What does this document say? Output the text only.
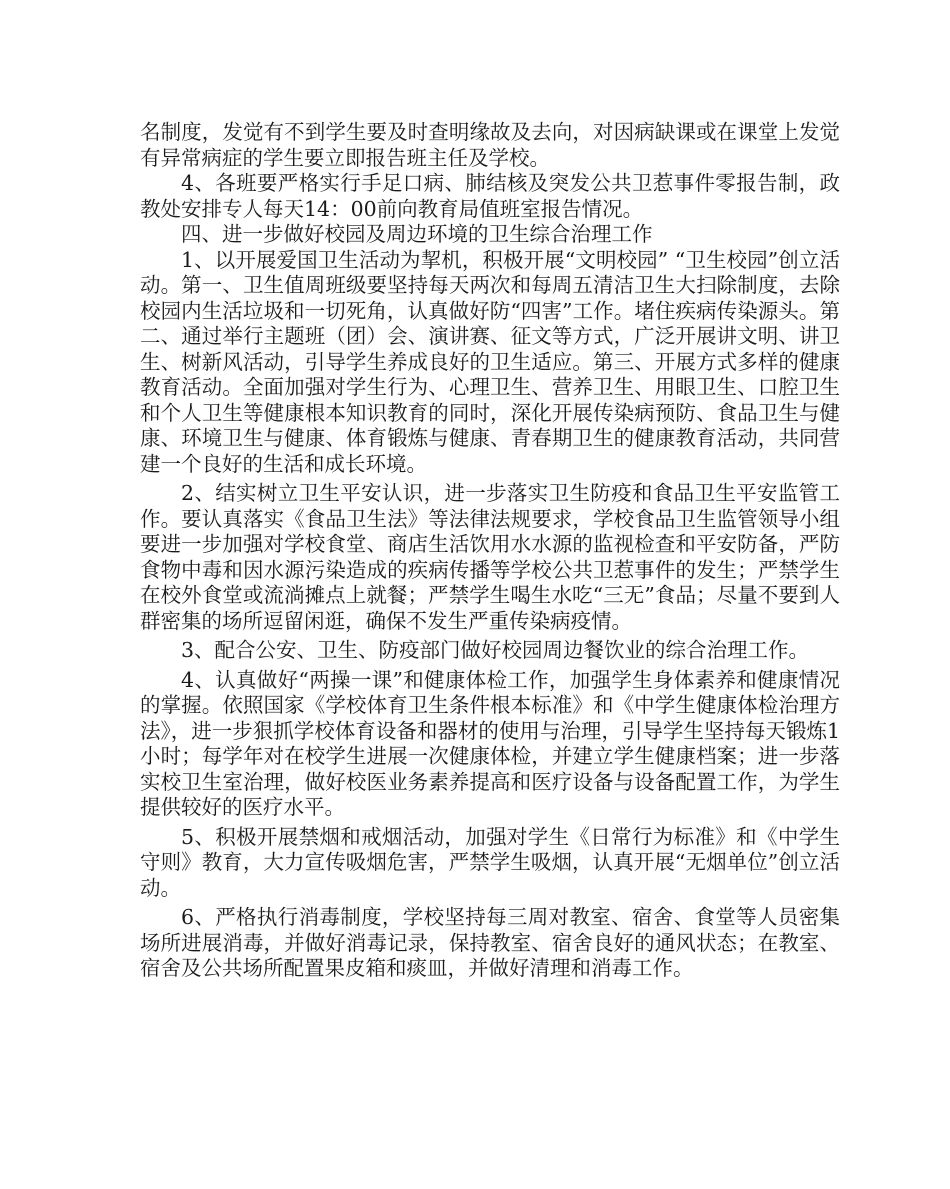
名制度，发觉有不到学生要及时查明缘故及去向，对因病缺课或在课堂上发觉有异常病症的学生要立即报告班主任及学校。

4、各班要严格实行手足口病、肺结核及突发公共卫惹事件零报告制，政教处安排专人每天14：00前向教育局值班室报告情况。

四、进一步做好校园及周边环境的卫生综合治理工作

1、以开展爱国卫生活动为挈机，积极开展“文明校园” “卫生校园”创立活动。第一、卫生值周班级要坚持每天两次和每周五清洁卫生大扫除制度，去除校园内生活垃圾和一切死角，认真做好防“四害”工作。堵住疾病传染源头。第二、通过举行主题班（团）会、演讲赛、征文等方式，广泛开展讲文明、讲卫生、树新风活动，引导学生养成良好的卫生适应。第三、开展方式多样的健康教育活动。全面加强对学生行为、心理卫生、营养卫生、用眼卫生、口腔卫生和个人卫生等健康根本知识教育的同时，深化开展传染病预防、食品卫生与健康、环境卫生与健康、体育锻炼与健康、青春期卫生的健康教育活动，共同营建一个良好的生活和成长环境。

2、结实树立卫生平安认识，进一步落实卫生防疫和食品卫生平安监管工作。要认真落实《食品卫生法》等法律法规要求，学校食品卫生监管领导小组要进一步加强对学校食堂、商店生活饮用水水源的监视检查和平安防备，严防食物中毒和因水源污染造成的疾病传播等学校公共卫惹事件的发生；严禁学生在校外食堂或流淌摊点上就餐；严禁学生喝生水吃“三无”食品；尽量不要到人群密集的场所逗留闲逛，确保不发生严重传染病疫情。

3、配合公安、卫生、防疫部门做好校园周边餐饮业的综合治理工作。

4、认真做好“两操一课”和健康体检工作，加强学生身体素养和健康情况的掌握。依照国家《学校体育卫生条件根本标准》和《中学生健康体检治理方法》，进一步狠抓学校体育设备和器材的使用与治理，引导学生坚持每天锻炼1小时；每学年对在校学生进展一次健康体检，并建立学生健康档案；进一步落实校卫生室治理，做好校医业务素养提高和医疗设备与设备配置工作，为学生提供较好的医疗水平。

5、积极开展禁烟和戒烟活动，加强对学生《日常行为标准》和《中学生守则》教育，大力宣传吸烟危害，严禁学生吸烟，认真开展“无烟单位”创立活动。

6、严格执行消毒制度，学校坚持每三周对教室、宿舍、食堂等人员密集场所进展消毒，并做好消毒记录，保持教室、宿舍良好的通风状态；在教室、宿舍及公共场所配置果皮箱和痰皿，并做好清理和消毒工作。
